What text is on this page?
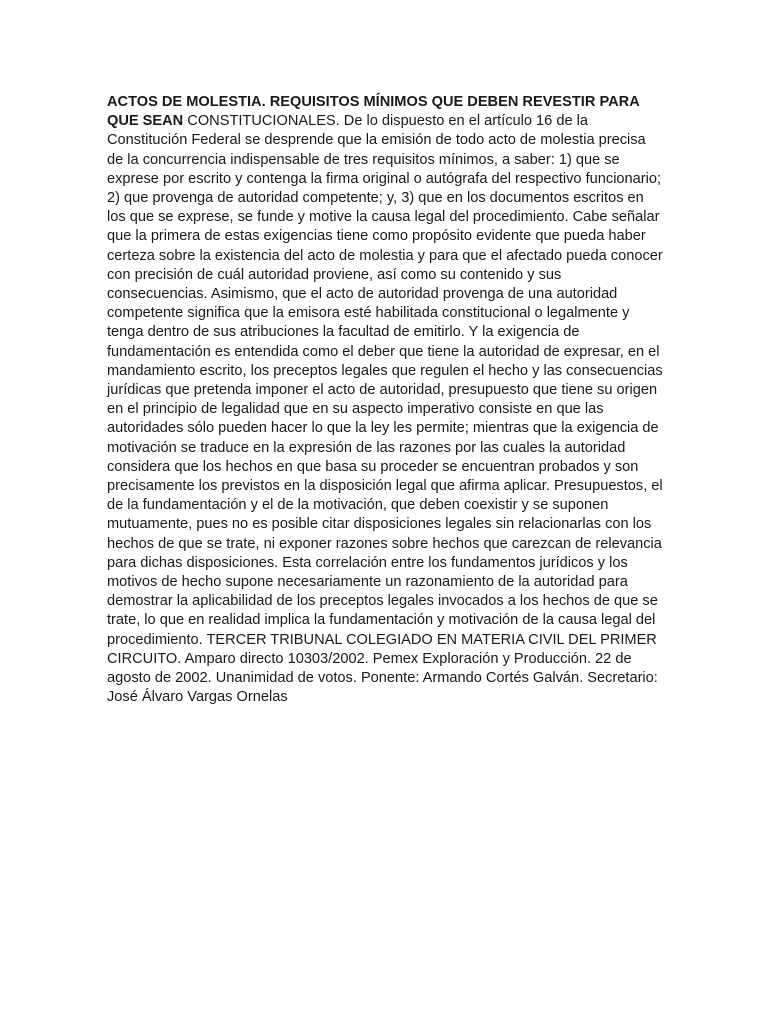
ACTOS DE MOLESTIA. REQUISITOS MÍNIMOS QUE DEBEN REVESTIR PARA QUE SEAN CONSTITUCIONALES. De lo dispuesto en el artículo 16 de la Constitución Federal se desprende que la emisión de todo acto de molestia precisa de la concurrencia indispensable de tres requisitos mínimos, a saber: 1) que se exprese por escrito y contenga la firma original o autógrafa del respectivo funcionario; 2) que provenga de autoridad competente; y, 3) que en los documentos escritos en los que se exprese, se funde y motive la causa legal del procedimiento. Cabe señalar que la primera de estas exigencias tiene como propósito evidente que pueda haber certeza sobre la existencia del acto de molestia y para que el afectado pueda conocer con precisión de cuál autoridad proviene, así como su contenido y sus consecuencias. Asimismo, que el acto de autoridad provenga de una autoridad competente significa que la emisora esté habilitada constitucional o legalmente y tenga dentro de sus atribuciones la facultad de emitirlo. Y la exigencia de fundamentación es entendida como el deber que tiene la autoridad de expresar, en el mandamiento escrito, los preceptos legales que regulen el hecho y las consecuencias jurídicas que pretenda imponer el acto de autoridad, presupuesto que tiene su origen en el principio de legalidad que en su aspecto imperativo consiste en que las autoridades sólo pueden hacer lo que la ley les permite; mientras que la exigencia de motivación se traduce en la expresión de las razones por las cuales la autoridad considera que los hechos en que basa su proceder se encuentran probados y son precisamente los previstos en la disposición legal que afirma aplicar. Presupuestos, el de la fundamentación y el de la motivación, que deben coexistir y se suponen mutuamente, pues no es posible citar disposiciones legales sin relacionarlas con los hechos de que se trate, ni exponer razones sobre hechos que carezcan de relevancia para dichas disposiciones. Esta correlación entre los fundamentos jurídicos y los motivos de hecho supone necesariamente un razonamiento de la autoridad para demostrar la aplicabilidad de los preceptos legales invocados a los hechos de que se trate, lo que en realidad implica la fundamentación y motivación de la causa legal del procedimiento. TERCER TRIBUNAL COLEGIADO EN MATERIA CIVIL DEL PRIMER CIRCUITO. Amparo directo 10303/2002. Pemex Exploración y Producción. 22 de agosto de 2002. Unanimidad de votos. Ponente: Armando Cortés Galván. Secretario: José Álvaro Vargas Ornelas
